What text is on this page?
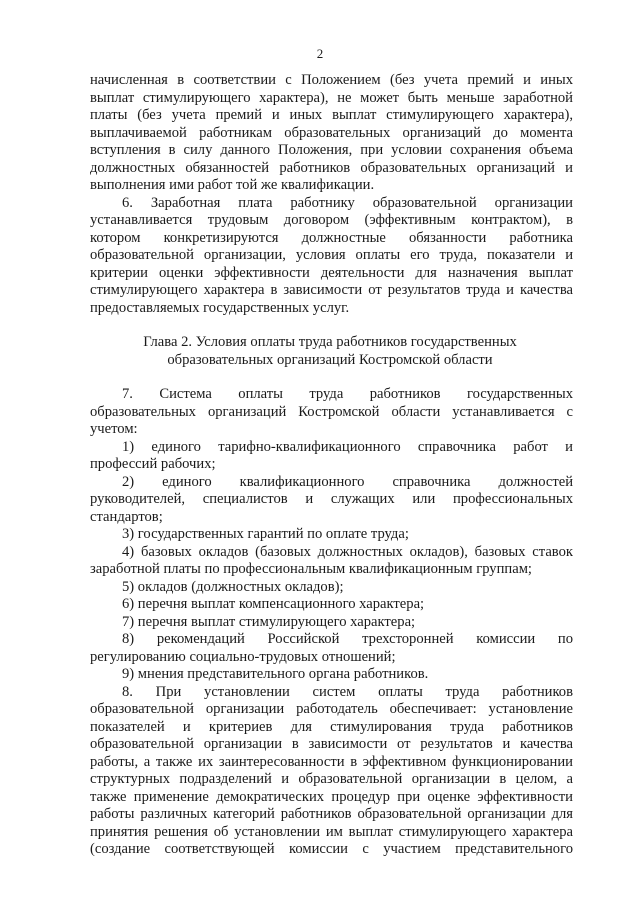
2
начисленная в соответствии с Положением (без учета премий и иных
выплат стимулирующего характера), не может быть меньше заработной
платы (без учета премий и иных выплат стимулирующего характера),
выплачиваемой работникам образовательных организаций до момента
вступления в силу данного Положения, при условии сохранения объема
должностных обязанностей работников образовательных организаций и
выполнения ими работ той же квалификации.
6. Заработная плата работнику образовательной организации
устанавливается трудовым договором (эффективным контрактом), в
котором конкретизируются должностные обязанности работника
образовательной организации, условия оплаты его труда, показатели и
критерии оценки эффективности деятельности для назначения выплат
стимулирующего характера в зависимости от результатов труда и качества
предоставляемых государственных услуг.
Глава 2. Условия оплаты труда работников государственных
образовательных организаций Костромской области
7. Система оплаты труда работников государственных
образовательных организаций Костромской области устанавливается с
учетом:
1) единого тарифно-квалификационного справочника работ и
профессий рабочих;
2) единого квалификационного справочника должностей
руководителей, специалистов и служащих или профессиональных
стандартов;
3) государственных гарантий по оплате труда;
4) базовых окладов (базовых должностных окладов), базовых ставок
заработной платы по профессиональным квалификационным группам;
5) окладов (должностных окладов);
6) перечня выплат компенсационного характера;
7) перечня выплат стимулирующего характера;
8) рекомендаций Российской трехсторонней комиссии по
регулированию социально-трудовых отношений;
9) мнения представительного органа работников.
8. При установлении систем оплаты труда работников
образовательной организации работодатель обеспечивает: установление
показателей и критериев для стимулирования труда работников
образовательной организации в зависимости от результатов и качества
работы, а также их заинтересованности в эффективном функционировании
структурных подразделений и образовательной организации в целом, а
также применение демократических процедур при оценке эффективности
работы различных категорий работников образовательной организации для
принятия решения об установлении им выплат стимулирующего характера
(создание соответствующей комиссии с участием представительного
